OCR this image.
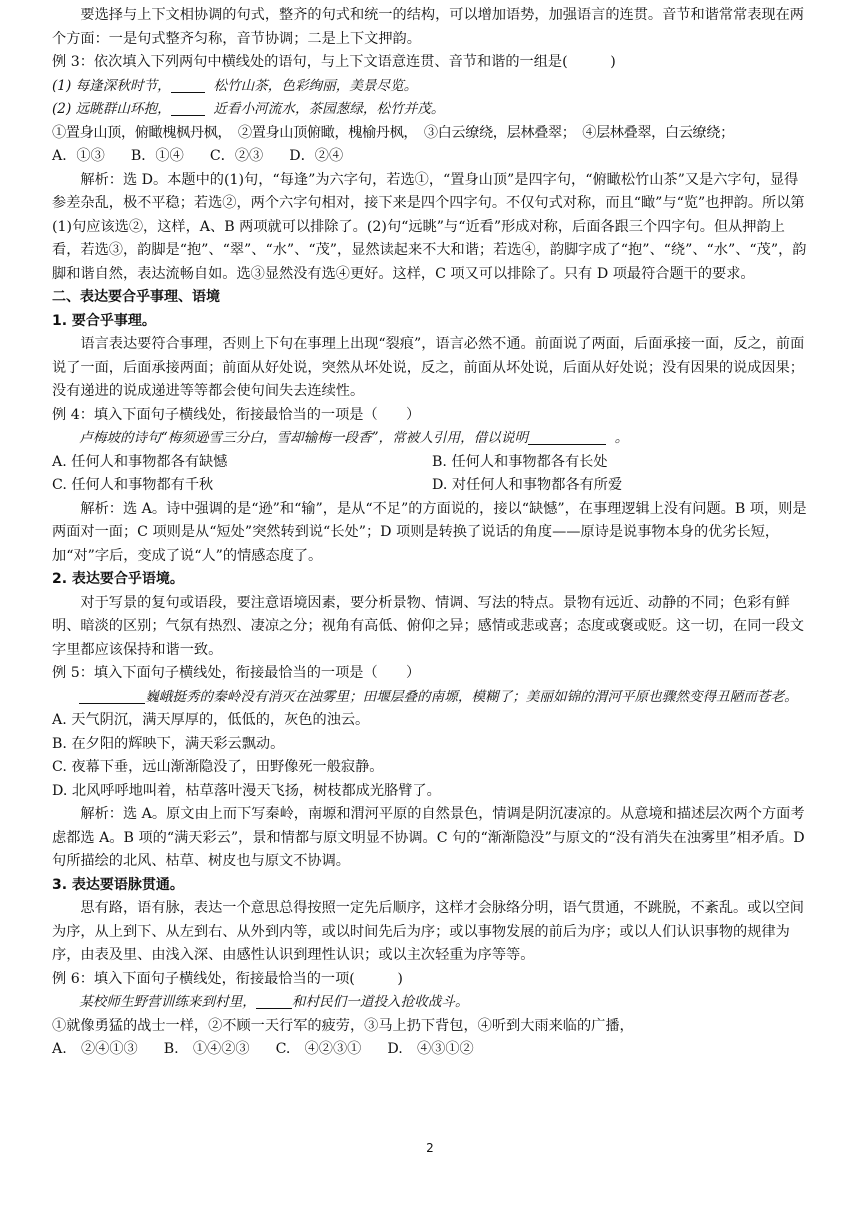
要选择与上下文相协调的句式，整齐的句式和统一的结构，可以增加语势，加强语言的连贯。音节和谐常常表现在两个方面：一是句式整齐匀称，音节协调；二是上下文押韵。

例 3：依次填入下列两句中横线处的语句，与上下文语意连贯、音节和谐的一组是(　　　)

(1) 每逢深秋时节，	松竹山茶，色彩绚丽，美景尽览。

(2) 远眺群山环抱，	近看小河流水，茶园葱绿，松竹并茂。

①置身山顶，俯瞰槐枫丹枫，　②置身山顶俯瞰，槐榆丹枫，　③白云缭绕，层林叠翠；　④层林叠翠，白云缭绕；

A．①③ B．①④ C．②③ D．②④

解析：选 D。本题中的(1)句，“每逢”为六字句，若选①，“置身山顶”是四字句，“俯瞰松竹山茶”又是六字句，显得参差杂乱，极不平稳；若选②，两个六字句相对，接下来是四个四字句。不仅句式对称，而且“瞰”与“览”也押韵。所以第(1)句应该选②，这样，A、B 两项就可以排除了。(2)句“远眺”与“近看”形成对称，后面各跟三个四字句。但从押韵上看，若选③，韵脚是“抱”、“翠”、“水”、“茂”，显然读起来不大和谐；若选④，韵脚字成了“抱”、“绕”、“水”、“茂”，韵脚和谐自然，表达流畅自如。选③显然没有选④更好。这样，C 项又可以排除了。只有 D 项最符合题干的要求。

二、表达要合乎事理、语境

1. 要合乎事理。

语言表达要符合事理，否则上下句在事理上出现“裂痕”，语言必然不通。前面说了两面，后面承接一面，反之，前面说了一面，后面承接两面；前面从好处说，突然从坏处说，反之，前面从坏处说，后面从好处说；没有因果的说成因果；没有递进的说成递进等等都会使句间失去连续性。

例 4：填入下面句子横线处，衔接最恰当的一项是（　　）

卢梅坡的诗句“梅须逊雪三分白，雪却输梅一段香”，常被人引用，借以说明	。

A. 任何人和事物都各有缺憾	B. 任何人和事物都各有长处
C. 任何人和事物都有千秋	D. 对任何人和事物都各有所爱

解析：选 A。诗中强调的是“逊”和“输”，是从“不足”的方面说的，接以“缺憾”，在事理逻辑上没有问题。B 项，则是两面对一面；C 项则是从“短处”突然转到说“长处”；D 项则是转换了说话的角度——原诗是说事物本身的优劣长短，加“对”字后，变成了说“人”的情感态度了。

2. 表达要合乎语境。

对于写景的复句或语段，要注意语境因素，要分析景物、情调、写法的特点。景物有远近、动静的不同；色彩有鲜明、暗淡的区别；气氛有热烈、凄凉之分；视角有高低、俯仰之异；感情或悲或喜；态度或褒或贬。这一切，在同一段文字里都应该保持和谐一致。

例 5：填入下面句子横线处，衔接最恰当的一项是（　　）

巍峨挺秀的秦岭没有消灭在浊雾里；田堰层叠的南塬，模糊了；美丽如锦的渭河平原也骤然变得丑陋而苍老。

A. 天气阴沉，满天厚厚的，低低的，灰色的浊云。

B. 在夕阳的辉映下，满天彩云飘动。

C. 夜幕下垂，远山渐渐隐没了，田野像死一般寂静。

D. 北风呼呼地叫着，枯草落叶漫天飞扬，树枝都成光胳臂了。

解析：选 A。原文由上而下写秦岭，南塬和渭河平原的自然景色，情调是阴沉凄凉的。从意境和描述层次两个方面考虑都选 A。B 项的“满天彩云”，景和情都与原文明显不协调。C 句的“渐渐隐没”与原文的“没有消失在浊雾里”相矛盾。D 句所描绘的北风、枯草、树皮也与原文不协调。

3. 表达要语脉贯通。

思有路，语有脉，表达一个意思总得按照一定先后顺序，这样才会脉络分明，语气贯通，不跳脱，不紊乱。或以空间为序，从上到下、从左到右、从外到内等，或以时间先后为序；或以事物发展的前后为序；或以人们认识事物的规律为序，由表及里、由浅入深、由感性认识到理性认识；或以主次轻重为序等等。

例 6：填入下面句子横线处，衔接最恰当的一项(　　　)

某校师生野营训练来到村里，	和村民们一道投入抢收战斗。

①就像勇猛的战士一样，②不顾一天行军的疲劳，③马上扔下背包，④听到大雨来临的广播，

A.　②④①③ B.　①④②③ C.　④②③① D.　④③①②

2
